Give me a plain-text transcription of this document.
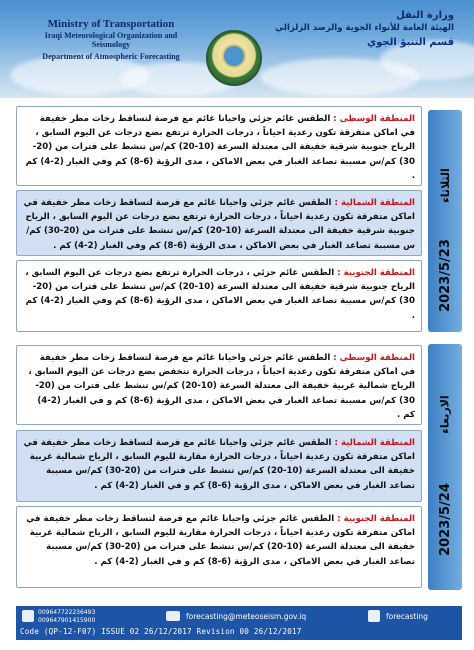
Ministry of Transportation
Iraqi Meteorological Organization and Seismology
Department of Atmospheric Forecasting
وزارة النقل
الهيئة العامة للأنواء الجوية والرصد الزلزالي
قسم التنبؤ الجوي
الثلاثاء
2023/5/23
الاربعاء
2023/5/24
المنطقة الوسطى : الطقس غائم جزئي واحيانا غائم مع فرصة لتساقط زخات مطر خفيفة في اماكن متفرقة تكون رعدية احياناً ، درجات الحرارة ترتفع بضع درجات عن اليوم السابق ، الرياح جنوبية شرقية خفيفة الى معتدلة السرعة (10-20) كم/س تنشط على فترات من (20-30) كم/س مسببة تصاعد الغبار في بعض الاماكن ، مدى الرؤية (6-8) كم وفي الغبار (2-4) كم .
المنطقة الشمالية : الطقس غائم جزئي واحيانا غائم مع فرصة لتساقط زخات مطر خفيفة في اماكن متفرقة تكون رعدية احياناً ، درجات الحرارة ترتفع بضع درجات عن اليوم السابق ، الرياح جنوبية شرقية خفيفة الى معتدلة السرعة (10-20) كم/س تنشط على فترات من (20-30) كم/س مسببة تصاعد الغبار في بعض الاماكن ، مدى الرؤية (6-8) كم وفي الغبار (2-4) كم .
المنطقة الجنوبية : الطقس غائم جزئي ، درجات الحرارة ترتفع بضع درجات عن اليوم السابق ، الرياح جنوبية شرقية خفيفة الى معتدلة السرعة (10-20) كم/س تنشط على فترات من (20-30) كم/س مسببة تصاعد الغبار في بعض الاماكن ، مدى الرؤية (6-8) كم وفي الغبار (2-4) كم .
المنطقة الوسطى : الطقس غائم جزئي واحيانا غائم مع فرصة لتساقط زخات مطر خفيفة في اماكن متفرقة تكون رعدية احياناً ، درجات الحرارة تنخفض بضع درجات عن اليوم السابق ، الرياح شمالية غربية خفيفة الى معتدلة السرعة (10-20) كم/س تنشط على فترات من (20-30) كم/س مسببة تصاعد الغبار في بعض الاماكن ، مدى الرؤية (6-8) كم و في الغبار (2-4) كم .
المنطقة الشمالية : الطقس غائم جزئي واحيانا غائم مع فرصة لتساقط زخات مطر خفيفة في اماكن متفرقة تكون رعدية احياناً ، درجات الحرارة مقاربة لليوم السابق ، الرياح شمالية غربية خفيفة الى معتدلة السرعة (10-20) كم/س تنشط على فترات من (20-30) كم/س مسببة تصاعد الغبار في بعض الاماكن ، مدى الرؤية (6-8) كم و في الغبار (2-4) كم .
المنطقة الجنوبية : الطقس غائم جزئي واحيانا غائم مع فرصة لتساقط زخات مطر خفيفة في اماكن متفرقة تكون رعدية احياناً ، درجات الحرارة مقاربة لليوم السابق ، الرياح شمالية غربية خفيفة الى معتدلة السرعة (10-20) كم/س تنشط على فترات من (20-30) كم/س مسببة تصاعد الغبار في بعض الاماكن ، مدى الرؤية (6-8) كم و في الغبار (2-4) كم .
009647722236493
009647901415900	forecasting@meteoseism.gov.iq	forecasting
Code (QP-12-F07) ISSUE 02 26/12/2017 Revision 00 26/12/2017
